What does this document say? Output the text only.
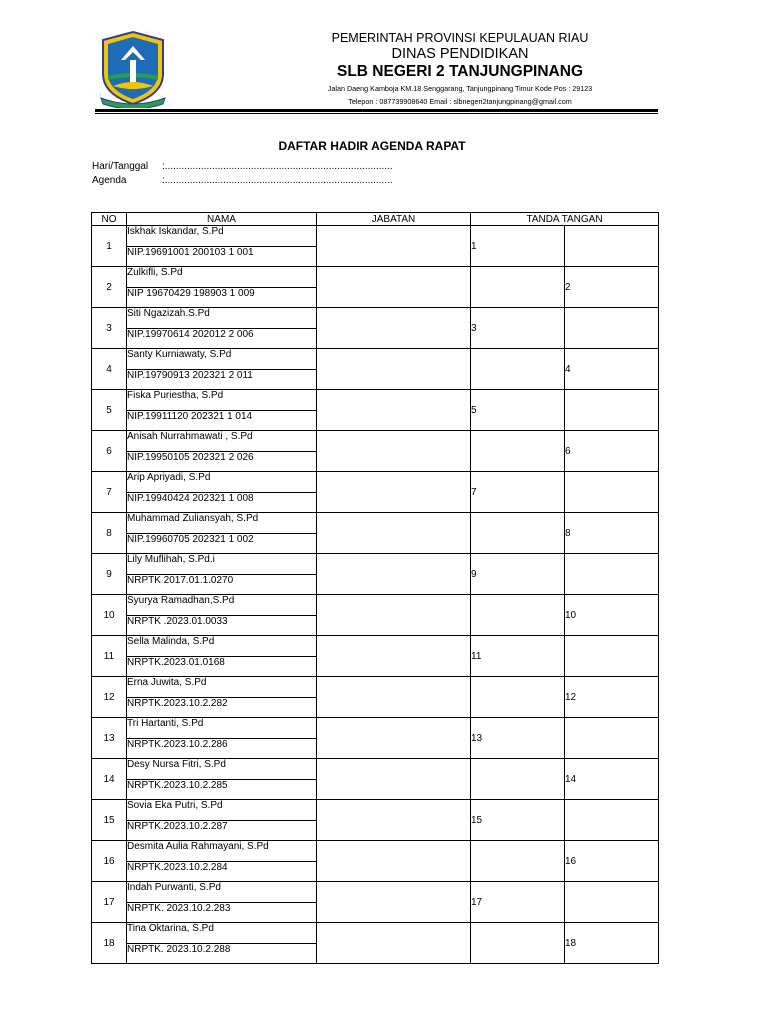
PEMERINTAH PROVINSI KEPULAUAN RIAU
DINAS PENDIDIKAN
SLB NEGERI 2 TANJUNGPINANG
Jalan Daeng Kamboja KM.18 Senggarang, Tanjungpinang Timur Kode Pos : 29123
Telepon : 087739908640 Email : slbnegeri2tanjungpinang@gmail.com
DAFTAR HADIR AGENDA RAPAT
Hari/Tanggal :..................................................................................
Agenda	:..................................................................................
NO	NAMA	JABATAN	TANDA TANGAN	
1	Iskhak Iskandar, S.Pd		1	
	NIP.19691001 200103 1 001			
2	Zulkifli, S.Pd			2
	NIP 19670429 198903 1 009			
3	Siti Ngazizah.S.Pd		3	
	NIP.19970614 202012 2 006			
4	Santy Kurniawaty, S.Pd			4
	NIP.19790913 202321 2 011			
5	Fiska Puriestha, S.Pd		5	
	NIP.19911120 202321 1 014			
6	Anisah Nurrahmawati , S.Pd			6
	NIP.19950105 202321 2 026			
7	Arip Apriyadi, S.Pd		7	
	NIP.19940424 202321 1 008			
8	Muhammad Zuliansyah, S.Pd			8
	NIP.19960705 202321 1 002			
9	Lily Muflihah, S.Pd.i		9	
	NRPTK 2017.01.1.0270			
10	Syurya Ramadhan,S.Pd			10
	NRPTK .2023.01.0033			
11	Sella Malinda, S.Pd		11	
	NRPTK.2023.01.0168			
12	Erna Juwita, S.Pd			12
	NRPTK.2023.10.2.282			
13	Tri Hartanti, S.Pd		13	
	NRPTK.2023.10.2.286			
14	Desy Nursa Fitri, S.Pd			14
	NRPTK.2023.10.2.285			
15	Sovia Eka Putri, S.Pd		15	
	NRPTK.2023.10.2.287			
16	Desmita Aulia Rahmayani, S.Pd			16
	NRPTK.2023.10.2.284			
17	Indah Purwanti, S.Pd		17	
	NRPTK. 2023.10.2.283			
18	Tina Oktarina, S.Pd			18
	NRPTK. 2023.10.2.288			
